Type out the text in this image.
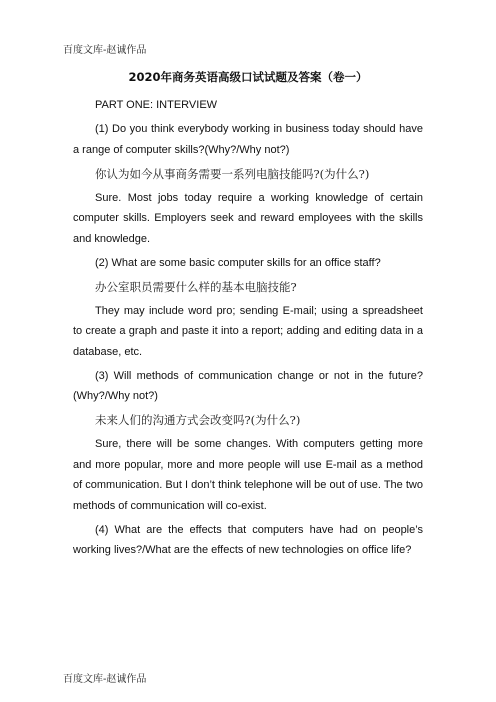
百度文库-赵诚作品
2020年商务英语高级口试试题及答案（卷一）

PART ONE: INTERVIEW

(1) Do you think everybody working in business today should have a range of computer skills?(Why?/Why not?)

你认为如今从事商务需要一系列电脑技能吗?(为什么?)

Sure. Most jobs today require a working knowledge of certain computer skills. Employers seek and reward employees with the skills and knowledge.

(2) What are some basic computer skills for an office staff?

办公室职员需要什么样的基本电脑技能?

They may include word pro; sending E-mail; using a spreadsheet to create a graph and paste it into a report; adding and editing data in a database, etc.

(3) Will methods of communication change or not in the future?(Why?/Why not?)

未来人们的沟通方式会改变吗?(为什么?)

Sure, there will be some changes. With computers getting more and more popular, more and more people will use E-mail as a method of communication. But I don’t think telephone will be out of use. The two methods of communication will co-exist.

(4) What are the effects that computers have had on people’s working lives?/What are the effects of new technologies on office life?

百度文库-赵诚作品
